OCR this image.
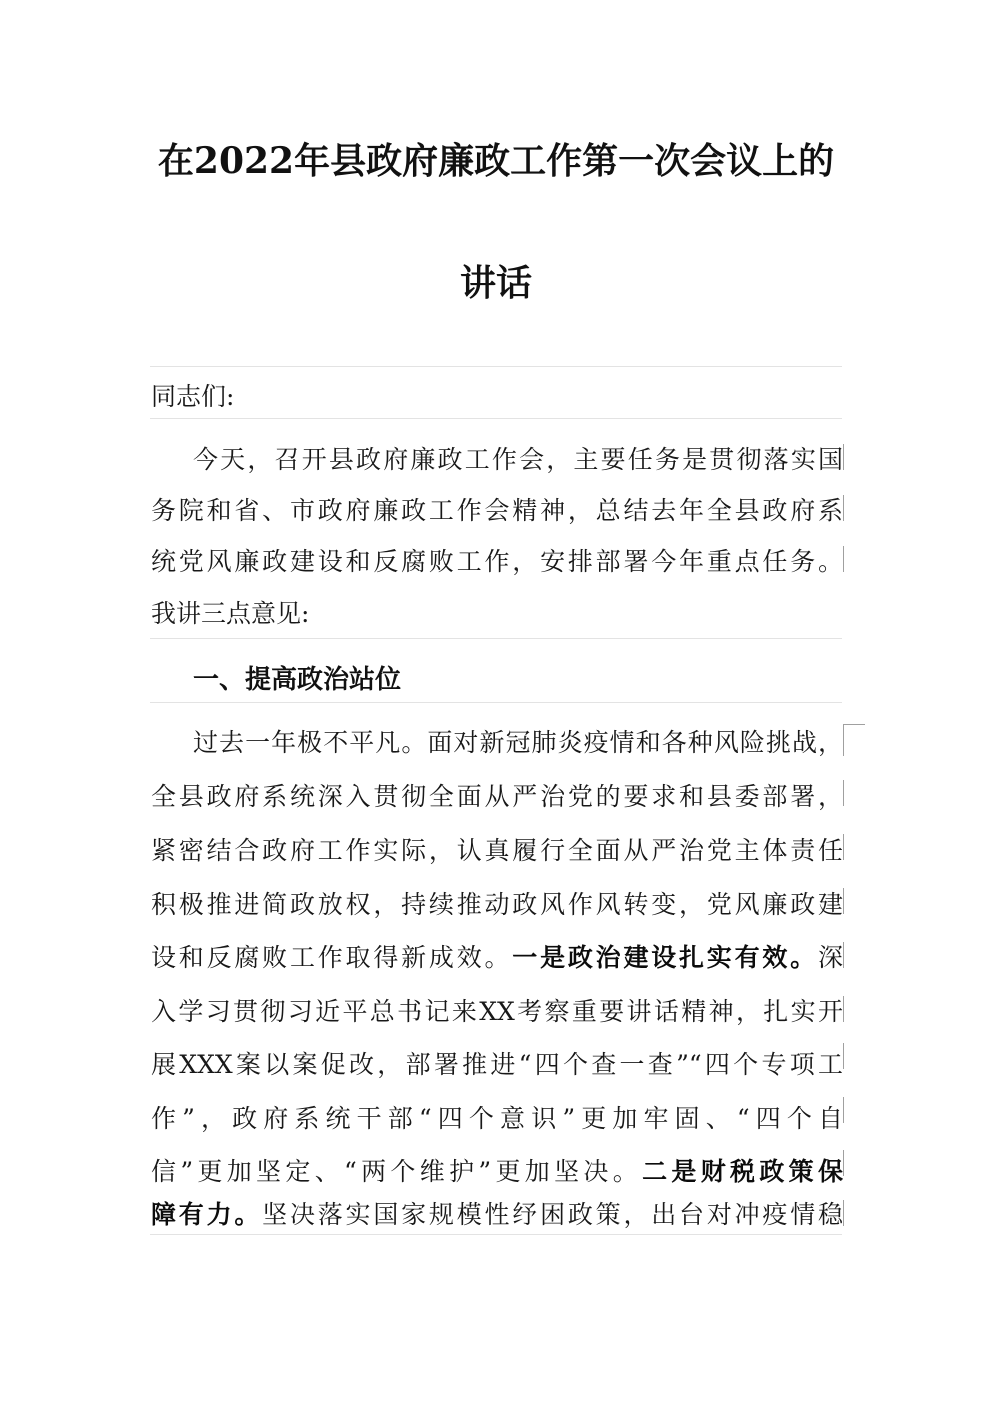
在2022年县政府廉政工作第一次会议上的
讲话
同志们:
今天，召开县政府廉政工作会，主要任务是贯彻落实国
务院和省、市政府廉政工作会精神，总结去年全县政府系
统党风廉政建设和反腐败工作，安排部署今年重点任务。
我讲三点意见:
一、提高政治站位
过去一年极不平凡。面对新冠肺炎疫情和各种风险挑战，
全县政府系统深入贯彻全面从严治党的要求和县委部署，
紧密结合政府工作实际，认真履行全面从严治党主体责任
积极推进简政放权，持续推动政风作风转变，党风廉政建
设和反腐败工作取得新成效。一是政治建设扎实有效。深
入学习贯彻习近平总书记来XX考察重要讲话精神，扎实开
展XXX案以案促改，部署推进“四个查一查”“四个专项工
作”，政府系统干部“四个意识”更加牢固、“四个自
信”更加坚定、“两个维护”更加坚决。二是财税政策保
障有力。坚决落实国家规模性纾困政策，出台对冲疫情稳
